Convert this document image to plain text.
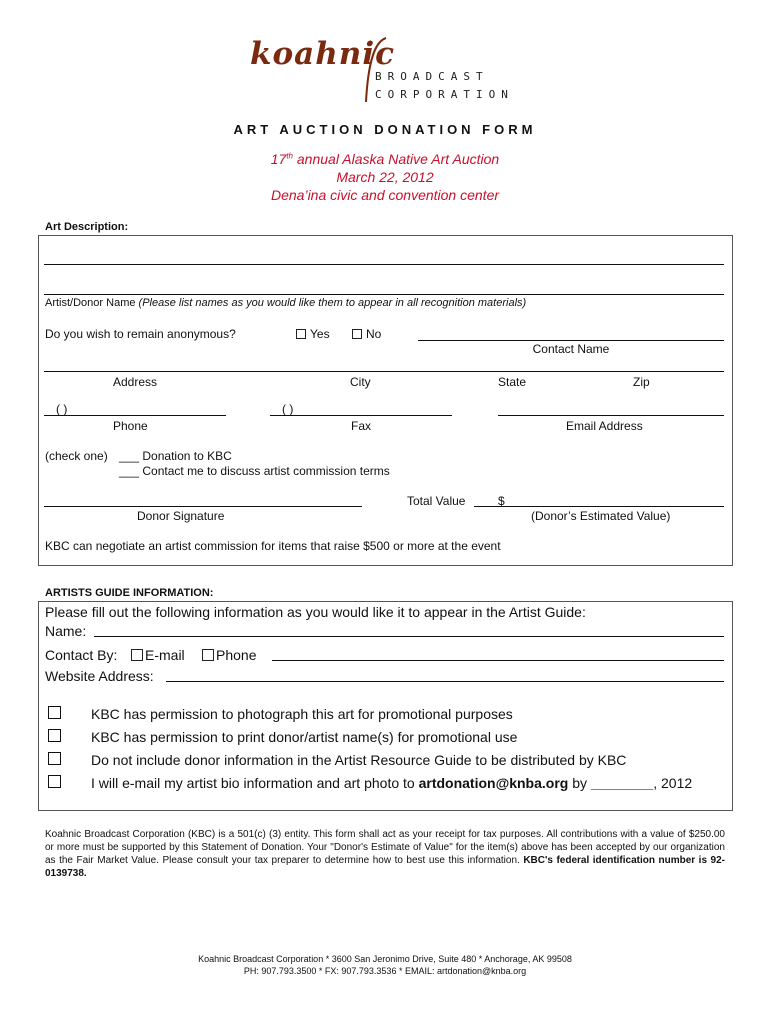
koahnic
BROADCAST
CORPORATION
ART AUCTION DONATION FORM
17th annual Alaska Native Art Auction
March 22, 2012
Dena’ina civic and convention center
Art Description:
Artist/Donor Name (Please list names as you would like them to appear in all recognition materials)
Do you wish to remain anonymous?	Yes	No
Contact Name
Address	City	State	Zip
( )	( )
Phone	Fax	Email Address
(check one) ___ Donation to KBC
___ Contact me to discuss artist commission terms
Total Value	$
Donor Signature	(Donor’s Estimated Value)
KBC can negotiate an artist commission for items that raise $500 or more at the event
ARTISTS GUIDE INFORMATION:
Please fill out the following information as you would like it to appear in the Artist Guide:
Name:
Contact By:	E-mail	Phone
Website Address:
KBC has permission to photograph this art for promotional purposes
KBC has permission to print donor/artist name(s) for promotional use
Do not include donor information in the Artist Resource Guide to be distributed by KBC
I will e-mail my artist bio information and art photo to artdonation@knba.org by ________, 2012
Koahnic Broadcast Corporation (KBC) is a 501(c) (3) entity. This form shall act as your receipt for tax purposes. All contributions with a value of $250.00 or more must be supported by this Statement of Donation. Your "Donor's Estimate of Value" for the item(s) above has been accepted by our organization as the Fair Market Value. Please consult your tax preparer to determine how to best use this information. KBC's federal identification number is 92-0139738.
Koahnic Broadcast Corporation * 3600 San Jeronimo Drive, Suite 480 * Anchorage, AK 99508
PH: 907.793.3500 * FX: 907.793.3536 * EMAIL: artdonation@knba.org
